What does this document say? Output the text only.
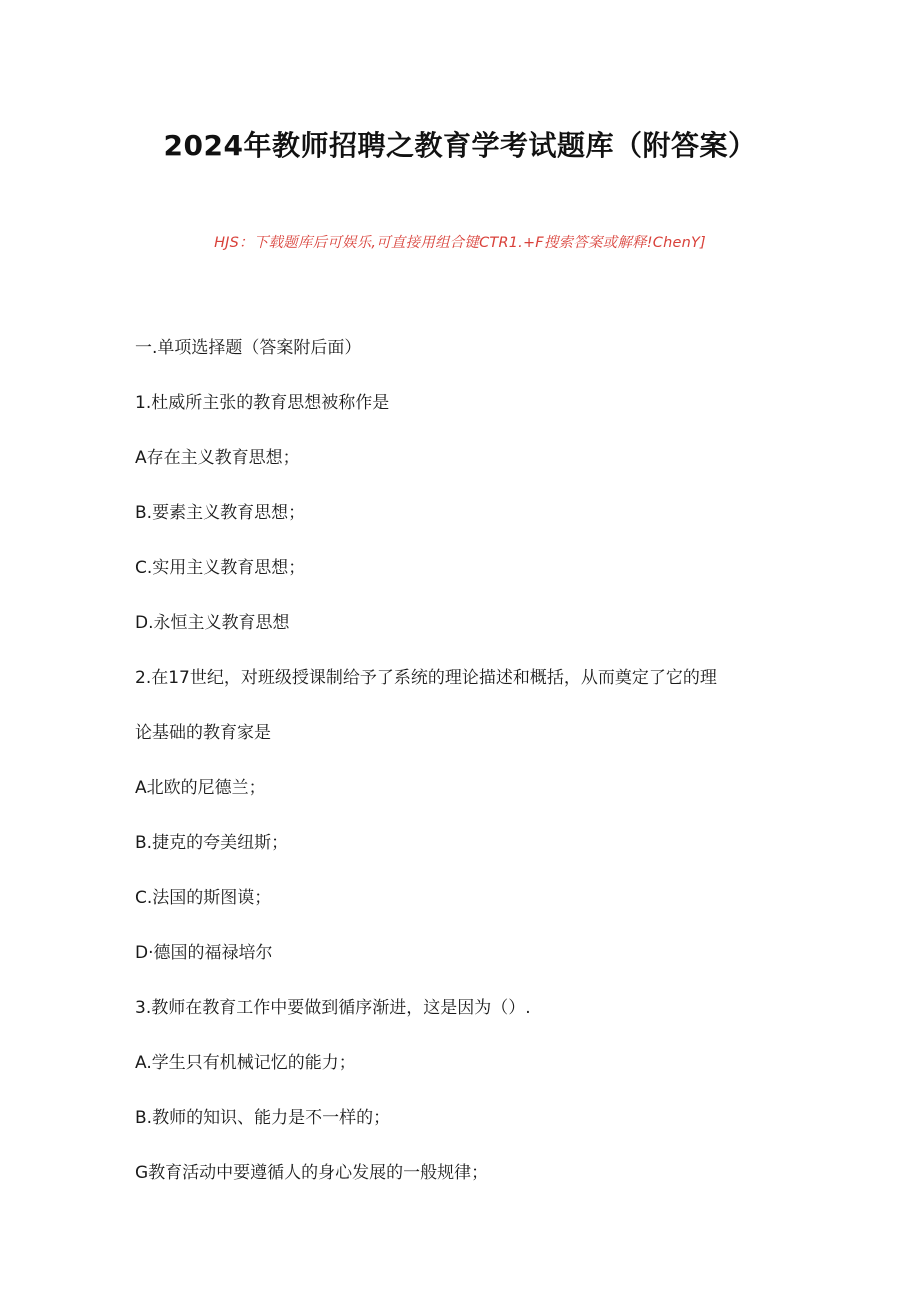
2024年教师招聘之教育学考试题库（附答案）
HJS：下载题库后可娱乐,可直接用组合键CTR1.+F搜索答案或解释!ChenY]
一.单项选择题（答案附后面）
1.杜威所主张的教育思想被称作是
A存在主义教育思想；
B.要素主义教育思想；
C.实用主义教育思想；
D.永恒主义教育思想
2.在17世纪，对班级授课制给予了系统的理论描述和概括，从而奠定了它的理
论基础的教育家是
A北欧的尼德兰；
B.捷克的夸美纽斯；
C.法国的斯图谟；
D·德国的福禄培尔
3.教师在教育工作中要做到循序渐进，这是因为（）.
A.学生只有机械记忆的能力；
B.教师的知识、能力是不一样的；
G教育活动中要遵循人的身心发展的一般规律；
